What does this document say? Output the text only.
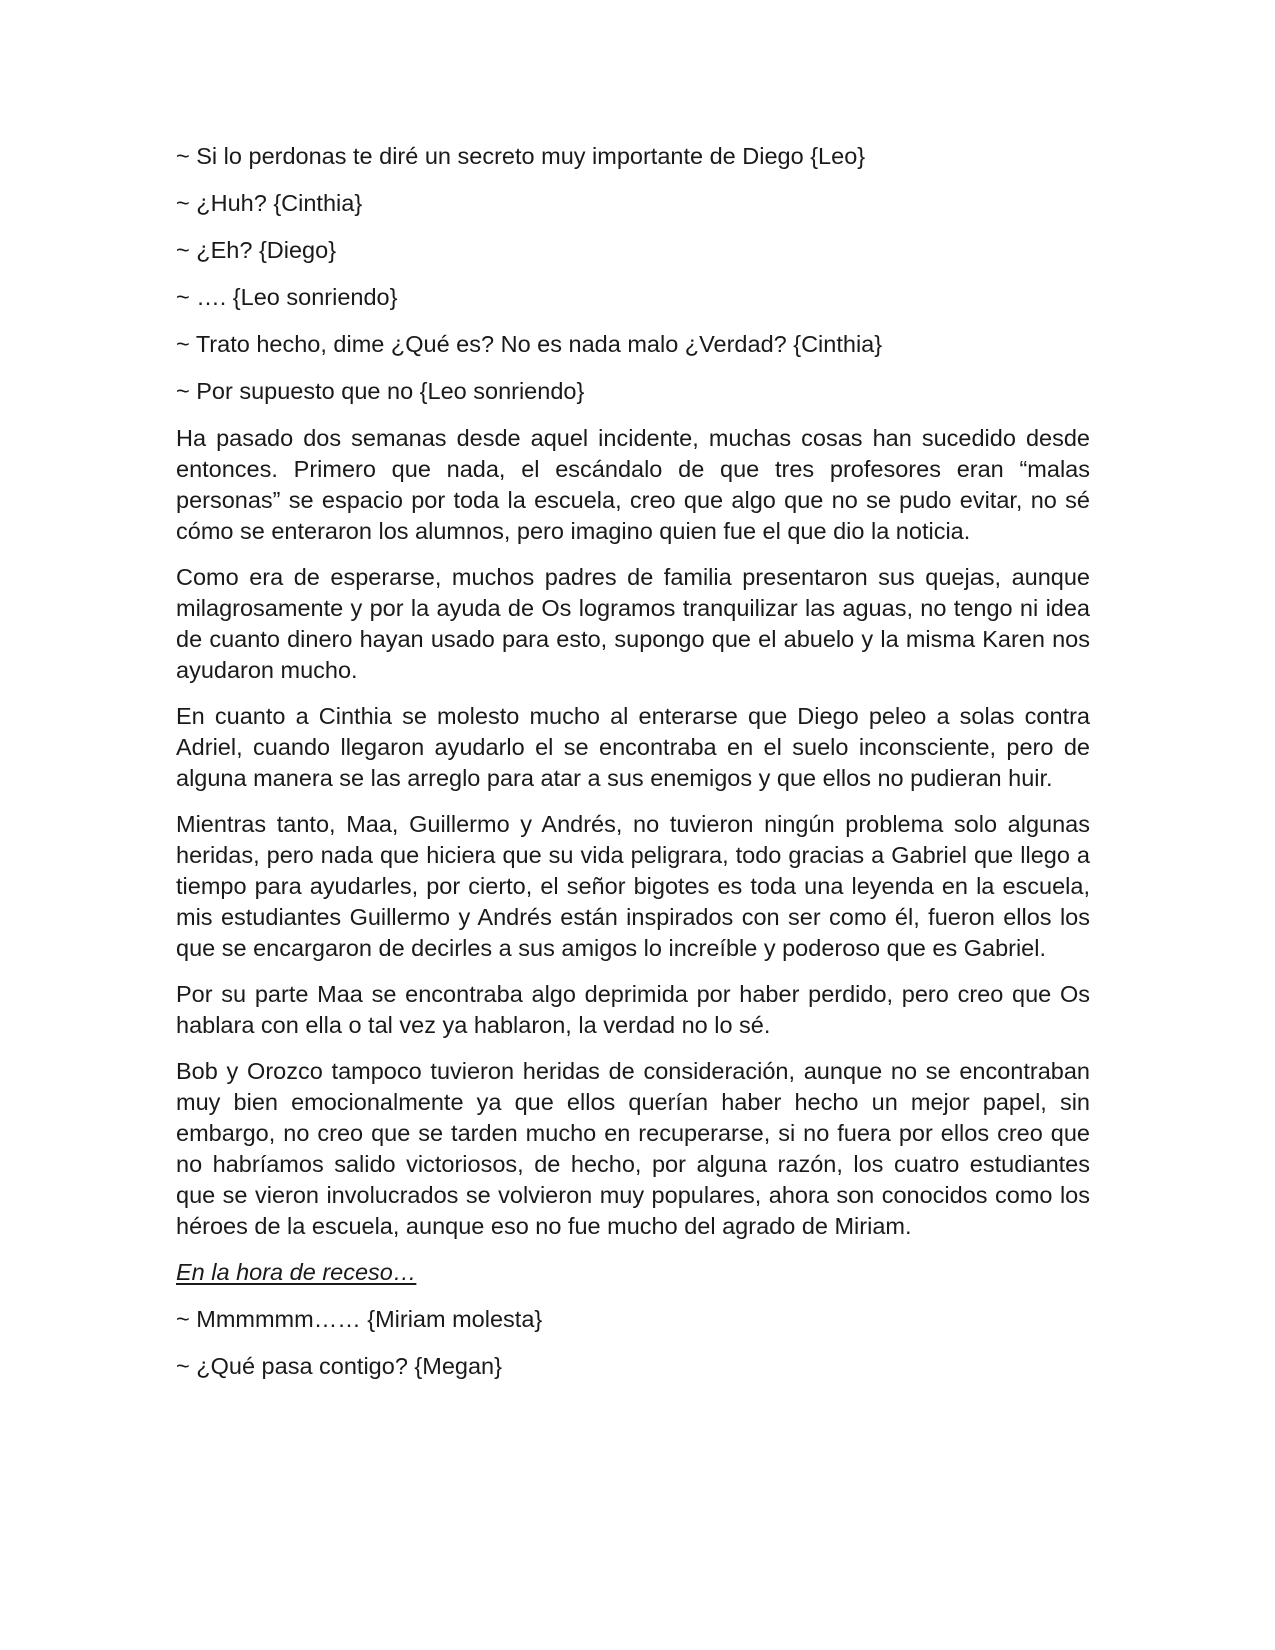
~ Si lo perdonas te diré un secreto muy importante de Diego {Leo}

~ ¿Huh? {Cinthia}

~ ¿Eh? {Diego}

~ …. {Leo sonriendo}

~ Trato hecho, dime ¿Qué es? No es nada malo ¿Verdad? {Cinthia}

~ Por supuesto que no {Leo sonriendo}

Ha pasado dos semanas desde aquel incidente, muchas cosas han sucedido desde entonces. Primero que nada, el escándalo de que tres profesores eran “malas personas” se espacio por toda la escuela, creo que algo que no se pudo evitar, no sé cómo se enteraron los alumnos, pero imagino quien fue el que dio la noticia.

Como era de esperarse, muchos padres de familia presentaron sus quejas, aunque milagrosamente y por la ayuda de Os logramos tranquilizar las aguas, no tengo ni idea de cuanto dinero hayan usado para esto, supongo que el abuelo y la misma Karen nos ayudaron mucho.

En cuanto a Cinthia se molesto mucho al enterarse que Diego peleo a solas contra Adriel, cuando llegaron ayudarlo el se encontraba en el suelo inconsciente, pero de alguna manera se las arreglo para atar a sus enemigos y que ellos no pudieran huir.

Mientras tanto, Maa, Guillermo y Andrés, no tuvieron ningún problema solo algunas heridas, pero nada que hiciera que su vida peligrara, todo gracias a Gabriel que llego a tiempo para ayudarles, por cierto, el señor bigotes es toda una leyenda en la escuela, mis estudiantes Guillermo y Andrés están inspirados con ser como él, fueron ellos los que se encargaron de decirles a sus amigos lo increíble y poderoso que es Gabriel.

Por su parte Maa se encontraba algo deprimida por haber perdido, pero creo que Os hablara con ella o tal vez ya hablaron, la verdad no lo sé.

Bob y Orozco tampoco tuvieron heridas de consideración, aunque no se encontraban muy bien emocionalmente ya que ellos querían haber hecho un mejor papel, sin embargo, no creo que se tarden mucho en recuperarse, si no fuera por ellos creo que no habríamos salido victoriosos, de hecho, por alguna razón, los cuatro estudiantes que se vieron involucrados se volvieron muy populares, ahora son conocidos como los héroes de la escuela, aunque eso no fue mucho del agrado de Miriam.

En la hora de receso…

~ Mmmmmm…… {Miriam molesta}

~ ¿Qué pasa contigo? {Megan}
